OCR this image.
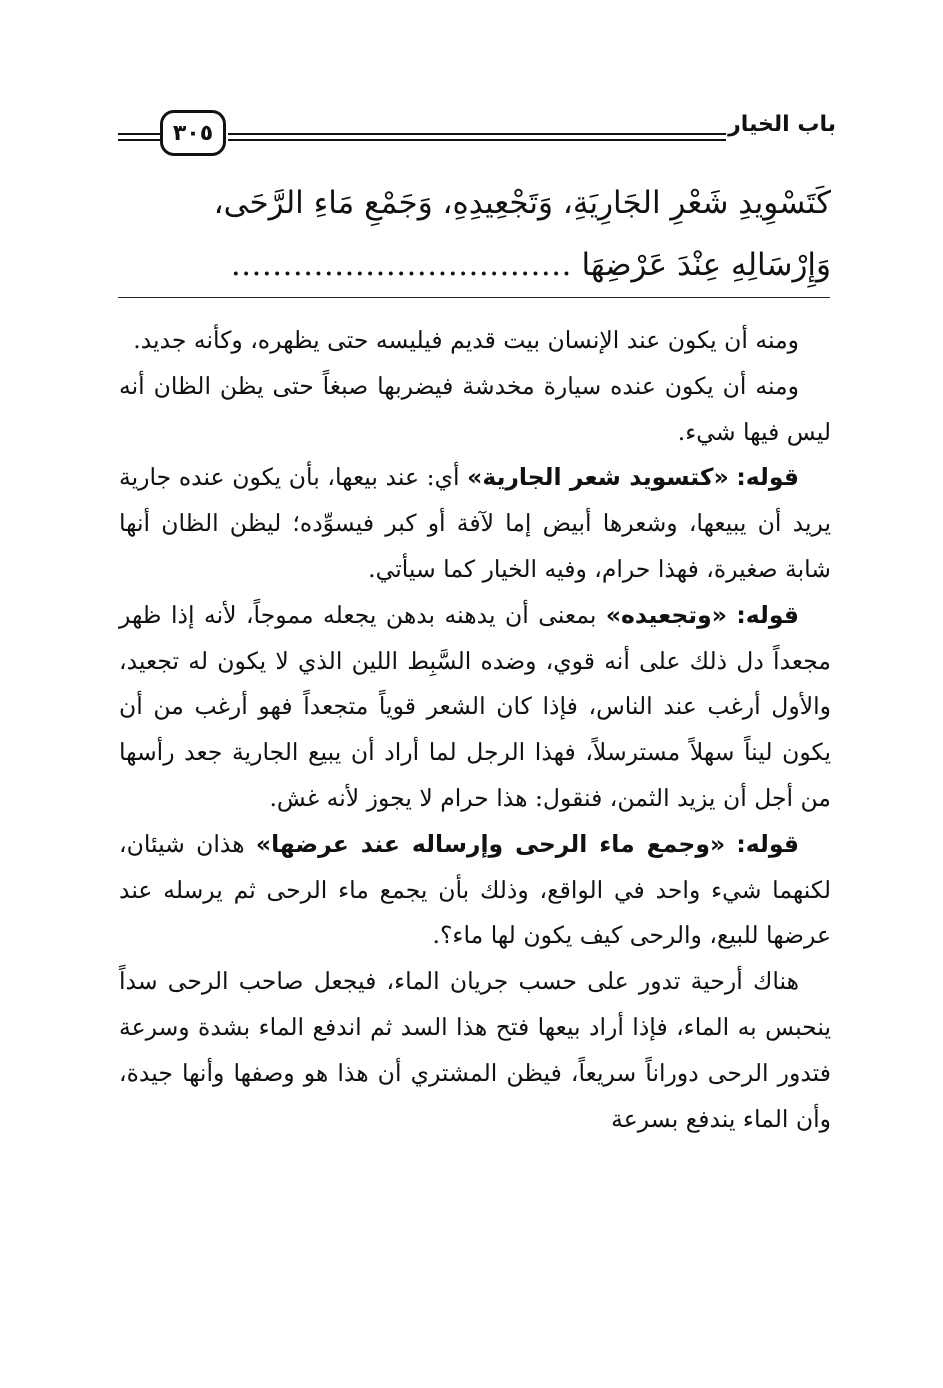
باب الخيار
٣٠٥
كَتَسْوِيدِ شَعْرِ الجَارِيَةِ، وَتَجْعِيدِهِ، وَجَمْعِ مَاءِ الرَّحَى،
وَإِرْسَالِهِ عِنْدَ عَرْضِهَا ……………………………

ومنه أن يكون عند الإنسان بيت قديم فيليسه حتى يظهره، وكأنه جديد.

ومنه أن يكون عنده سيارة مخدشة فيضربها صبغاً حتى يظن الظان أنه ليس فيها شيء.

قوله: «كتسويد شعر الجارية» أي: عند بيعها، بأن يكون عنده جارية يريد أن يبيعها، وشعرها أبيض إما لآفة أو كبر فيسوِّده؛ ليظن الظان أنها شابة صغيرة، فهذا حرام، وفيه الخيار كما سيأتي.

قوله: «وتجعيده» بمعنى أن يدهنه بدهن يجعله مموجاً، لأنه إذا ظهر مجعداً دل ذلك على أنه قوي، وضده السَّبِط اللين الذي لا يكون له تجعيد، والأول أرغب عند الناس، فإذا كان الشعر قوياً متجعداً فهو أرغب من أن يكون ليناً سهلاً مسترسلاً، فهذا الرجل لما أراد أن يبيع الجارية جعد رأسها من أجل أن يزيد الثمن، فنقول: هذا حرام لا يجوز لأنه غش.

قوله: «وجمع ماء الرحى وإرساله عند عرضها» هذان شيئان، لكنهما شيء واحد في الواقع، وذلك بأن يجمع ماء الرحى ثم يرسله عند عرضها للبيع، والرحى كيف يكون لها ماء؟.

هناك أرحية تدور على حسب جريان الماء، فيجعل صاحب الرحى سداً ينحبس به الماء، فإذا أراد بيعها فتح هذا السد ثم اندفع الماء بشدة وسرعة فتدور الرحى دوراناً سريعاً، فيظن المشتري أن هذا هو وصفها وأنها جيدة، وأن الماء يندفع بسرعة
